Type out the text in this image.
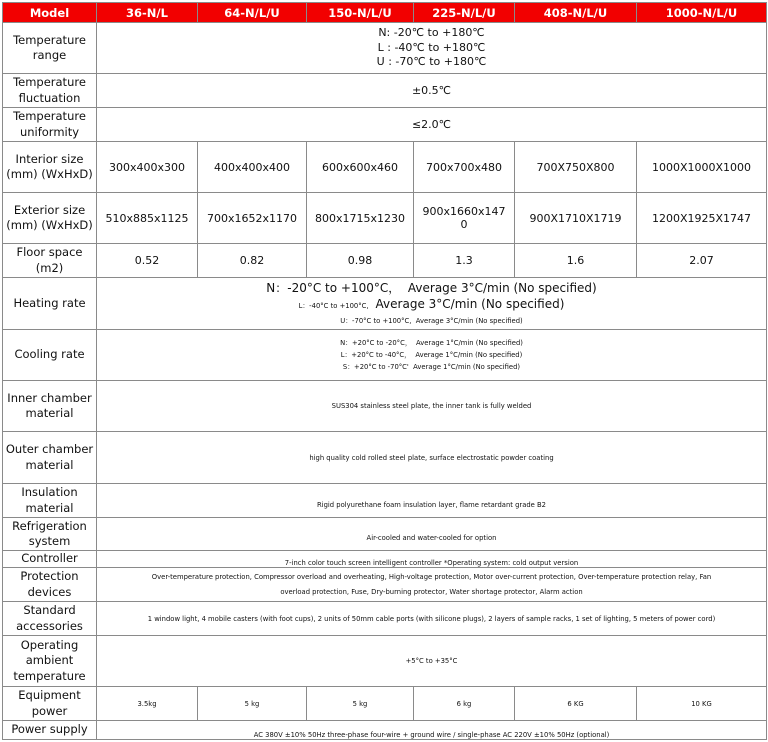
Model	36-N/L	64-N/L/U	150-N/L/U	225-N/L/U	408-N/L/U	1000-N/L/U
Temperature range	N: -20℃ to +180℃
L : -40℃ to +180℃
U : -70℃ to +180℃					

Temperature fluctuation	±0.5℃					
Temperature uniformity	≤2.0℃					
Interior size (mm) (WxHxD)	300x400x300	400x400x400	600x600x460	700x700x480	700X750X800	1000X1000X1000
Exterior size (mm) (WxHxD)	510x885x1125	700x1652x1170	800x1715x1230	900x1660x1470	900X1710X1719	1200X1925X1747
Floor space (m2)	0.52	0.82	0.98	1.3	1.6	2.07
Heating rate	N：-20°C to +100°C， Average 3°C/min (No specified)
L：-40°C to +100°C, Average 3°C/min (No specified)
U：-70°C to +100°C, Average 3°C/min (No specified)					

Cooling rate	N：+20°C to -20°C， Average 1°C/min (No specified)
L：+20°C to -40°C， Average 1°C/min (No specified)
S：+20°C to -70°C' Average 1°C/min (No specified)					

Inner chamber material	SUS304 stainless steel plate, the inner tank is fully welded					
Outer chamber material	high quality cold rolled steel plate, surface electrostatic powder coating					
Insulation material	Rigid polyurethane foam insulation layer, flame retardant grade B2					
Refrigeration system	Air-cooled and water-cooled for option					
Controller	7-inch color touch screen intelligent controller *Operating system: cold output version					
Protection devices	Over-temperature protection, Compressor overload and overheating, High-voltage protection, Motor over-current protection, Over-temperature protection relay, Fan
overload protection, Fuse, Dry-burning protector, Water shortage protector, Alarm action					

Standard accessories	1 window light, 4 mobile casters (with foot cups), 2 units of 50mm cable ports (with silicone plugs), 2 layers of sample racks, 1 set of lighting, 5 meters of power cord)					
Operating ambient temperature	+5°C to +35°C					
Equipment power	3.5kg	5 kg	5 kg	6 kg	6 KG	10 KG
Power supply	AC 380V ±10% 50Hz three-phase four-wire + ground wire / single-phase AC 220V ±10% 50Hz (optional)					
